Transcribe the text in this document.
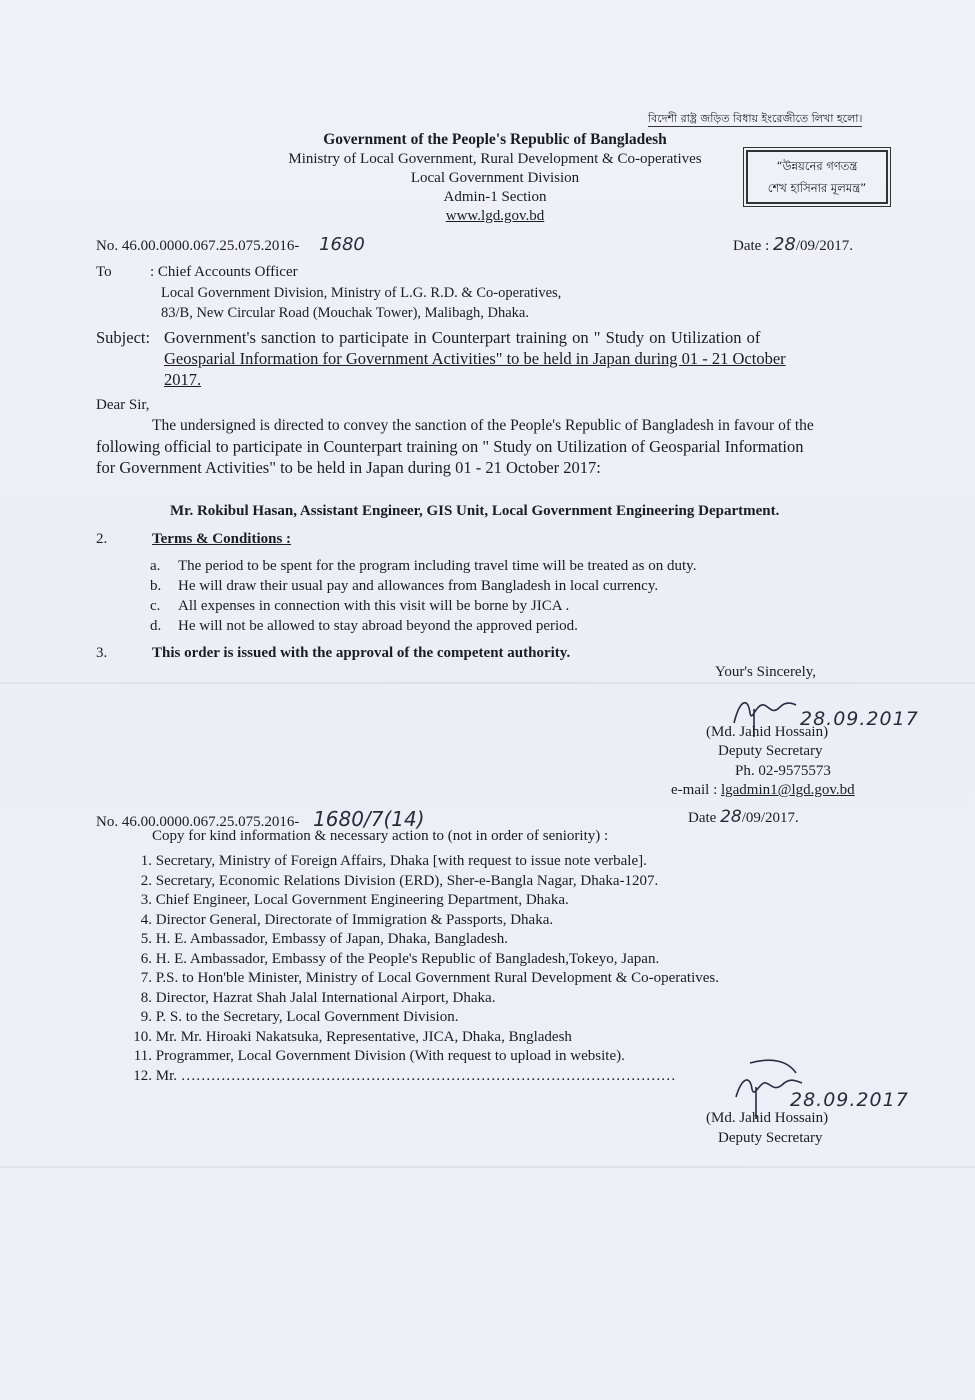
বিদেশী রাষ্ট্র জড়িত বিধায় ইংরেজীতে লিখা হলো।
Government of the People's Republic of Bangladesh
Ministry of Local Government, Rural Development & Co-operatives
Local Government Division
Admin-1 Section
www.lgd.gov.bd
“উন্নয়নের গণতন্ত্র
শেখ হাসিনার মূলমন্ত্র”
No. 46.00.0000.067.25.075.2016- 1680	Date : 28/09/2017.
To	: Chief Accounts Officer
Local Government Division, Ministry of L.G. R.D. & Co-operatives,
83/B, New Circular Road (Mouchak Tower), Malibagh, Dhaka.
Subject: Government's sanction to participate in Counterpart training on " Study on Utilization of
Geosparial Information for Government Activities" to be held in Japan during 01 - 21 October
2017.
Dear Sir,
The undersigned is directed to convey the sanction of the People's Republic of Bangladesh in favour of the
following official to participate in Counterpart training on " Study on Utilization of Geosparial Information
for Government Activities" to be held in Japan during 01 - 21 October 2017:
Mr. Rokibul Hasan, Assistant Engineer, GIS Unit, Local Government Engineering Department.
2.	Terms & Conditions :
a. The period to be spent for the program including travel time will be treated as on duty.
b. He will draw their usual pay and allowances from Bangladesh in local currency.
c. All expenses in connection with this visit will be borne by JICA .
d. He will not be allowed to stay abroad beyond the approved period.
3.	This order is issued with the approval of the competent authority.
Your's Sincerely,
28.09.2017
(Md. Jahid Hossain)
Deputy Secretary
Ph. 02-9575573
e-mail : lgadmin1@lgd.gov.bd
No. 46.00.0000.067.25.075.2016- 1680/7(14)	Date 28/09/2017.
Copy for kind information & necessary action to (not in order of seniority) :
1. Secretary, Ministry of Foreign Affairs, Dhaka [with request to issue note verbale].
2. Secretary, Economic Relations Division (ERD), Sher-e-Bangla Nagar, Dhaka-1207.
3. Chief Engineer, Local Government Engineering Department, Dhaka.
4. Director General, Directorate of Immigration & Passports, Dhaka.
5. H. E. Ambassador, Embassy of Japan, Dhaka, Bangladesh.
6. H. E. Ambassador, Embassy of the People's Republic of Bangladesh,Tokeyo, Japan.
7. P.S. to Hon'ble Minister, Ministry of Local Government Rural Development & Co-operatives.
8. Director, Hazrat Shah Jalal International Airport, Dhaka.
9. P. S. to the Secretary, Local Government Division.
10. Mr. Mr. Hiroaki Nakatsuka, Representative, JICA, Dhaka, Bngladesh
11. Programmer, Local Government Division (With request to upload in website).
12. Mr. ………………………………………………………………………………………
28.09.2017
(Md. Jahid Hossain)
Deputy Secretary
